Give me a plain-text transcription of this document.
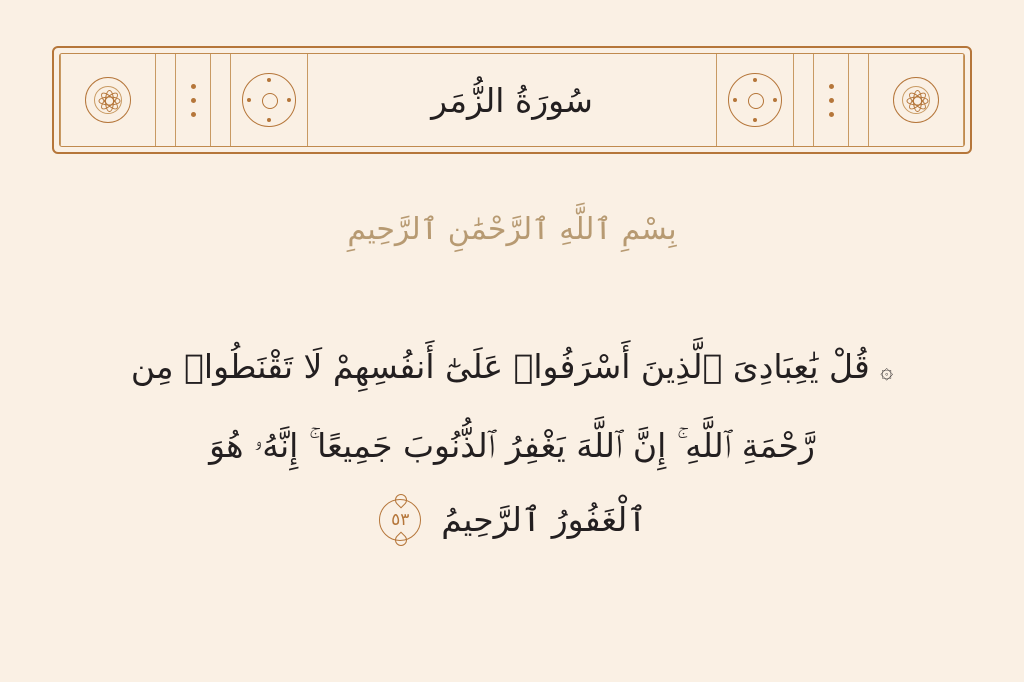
سُورَةُ الزُّمَر
بِسْمِ ٱللَّهِ ٱلرَّحْمَٰنِ ٱلرَّحِيمِ
۞ قُلْ يَٰعِبَادِىَ ٱلَّذِينَ أَسْرَفُوا۟ عَلَىٰٓ أَنفُسِهِمْ لَا تَقْنَطُوا۟ مِن
رَّحْمَةِ ٱللَّهِ ۚ إِنَّ ٱللَّهَ يَغْفِرُ ٱلذُّنُوبَ جَمِيعًا ۚ إِنَّهُۥ هُوَ
ٱلْغَفُورُ ٱلرَّحِيمُ
٥٣
